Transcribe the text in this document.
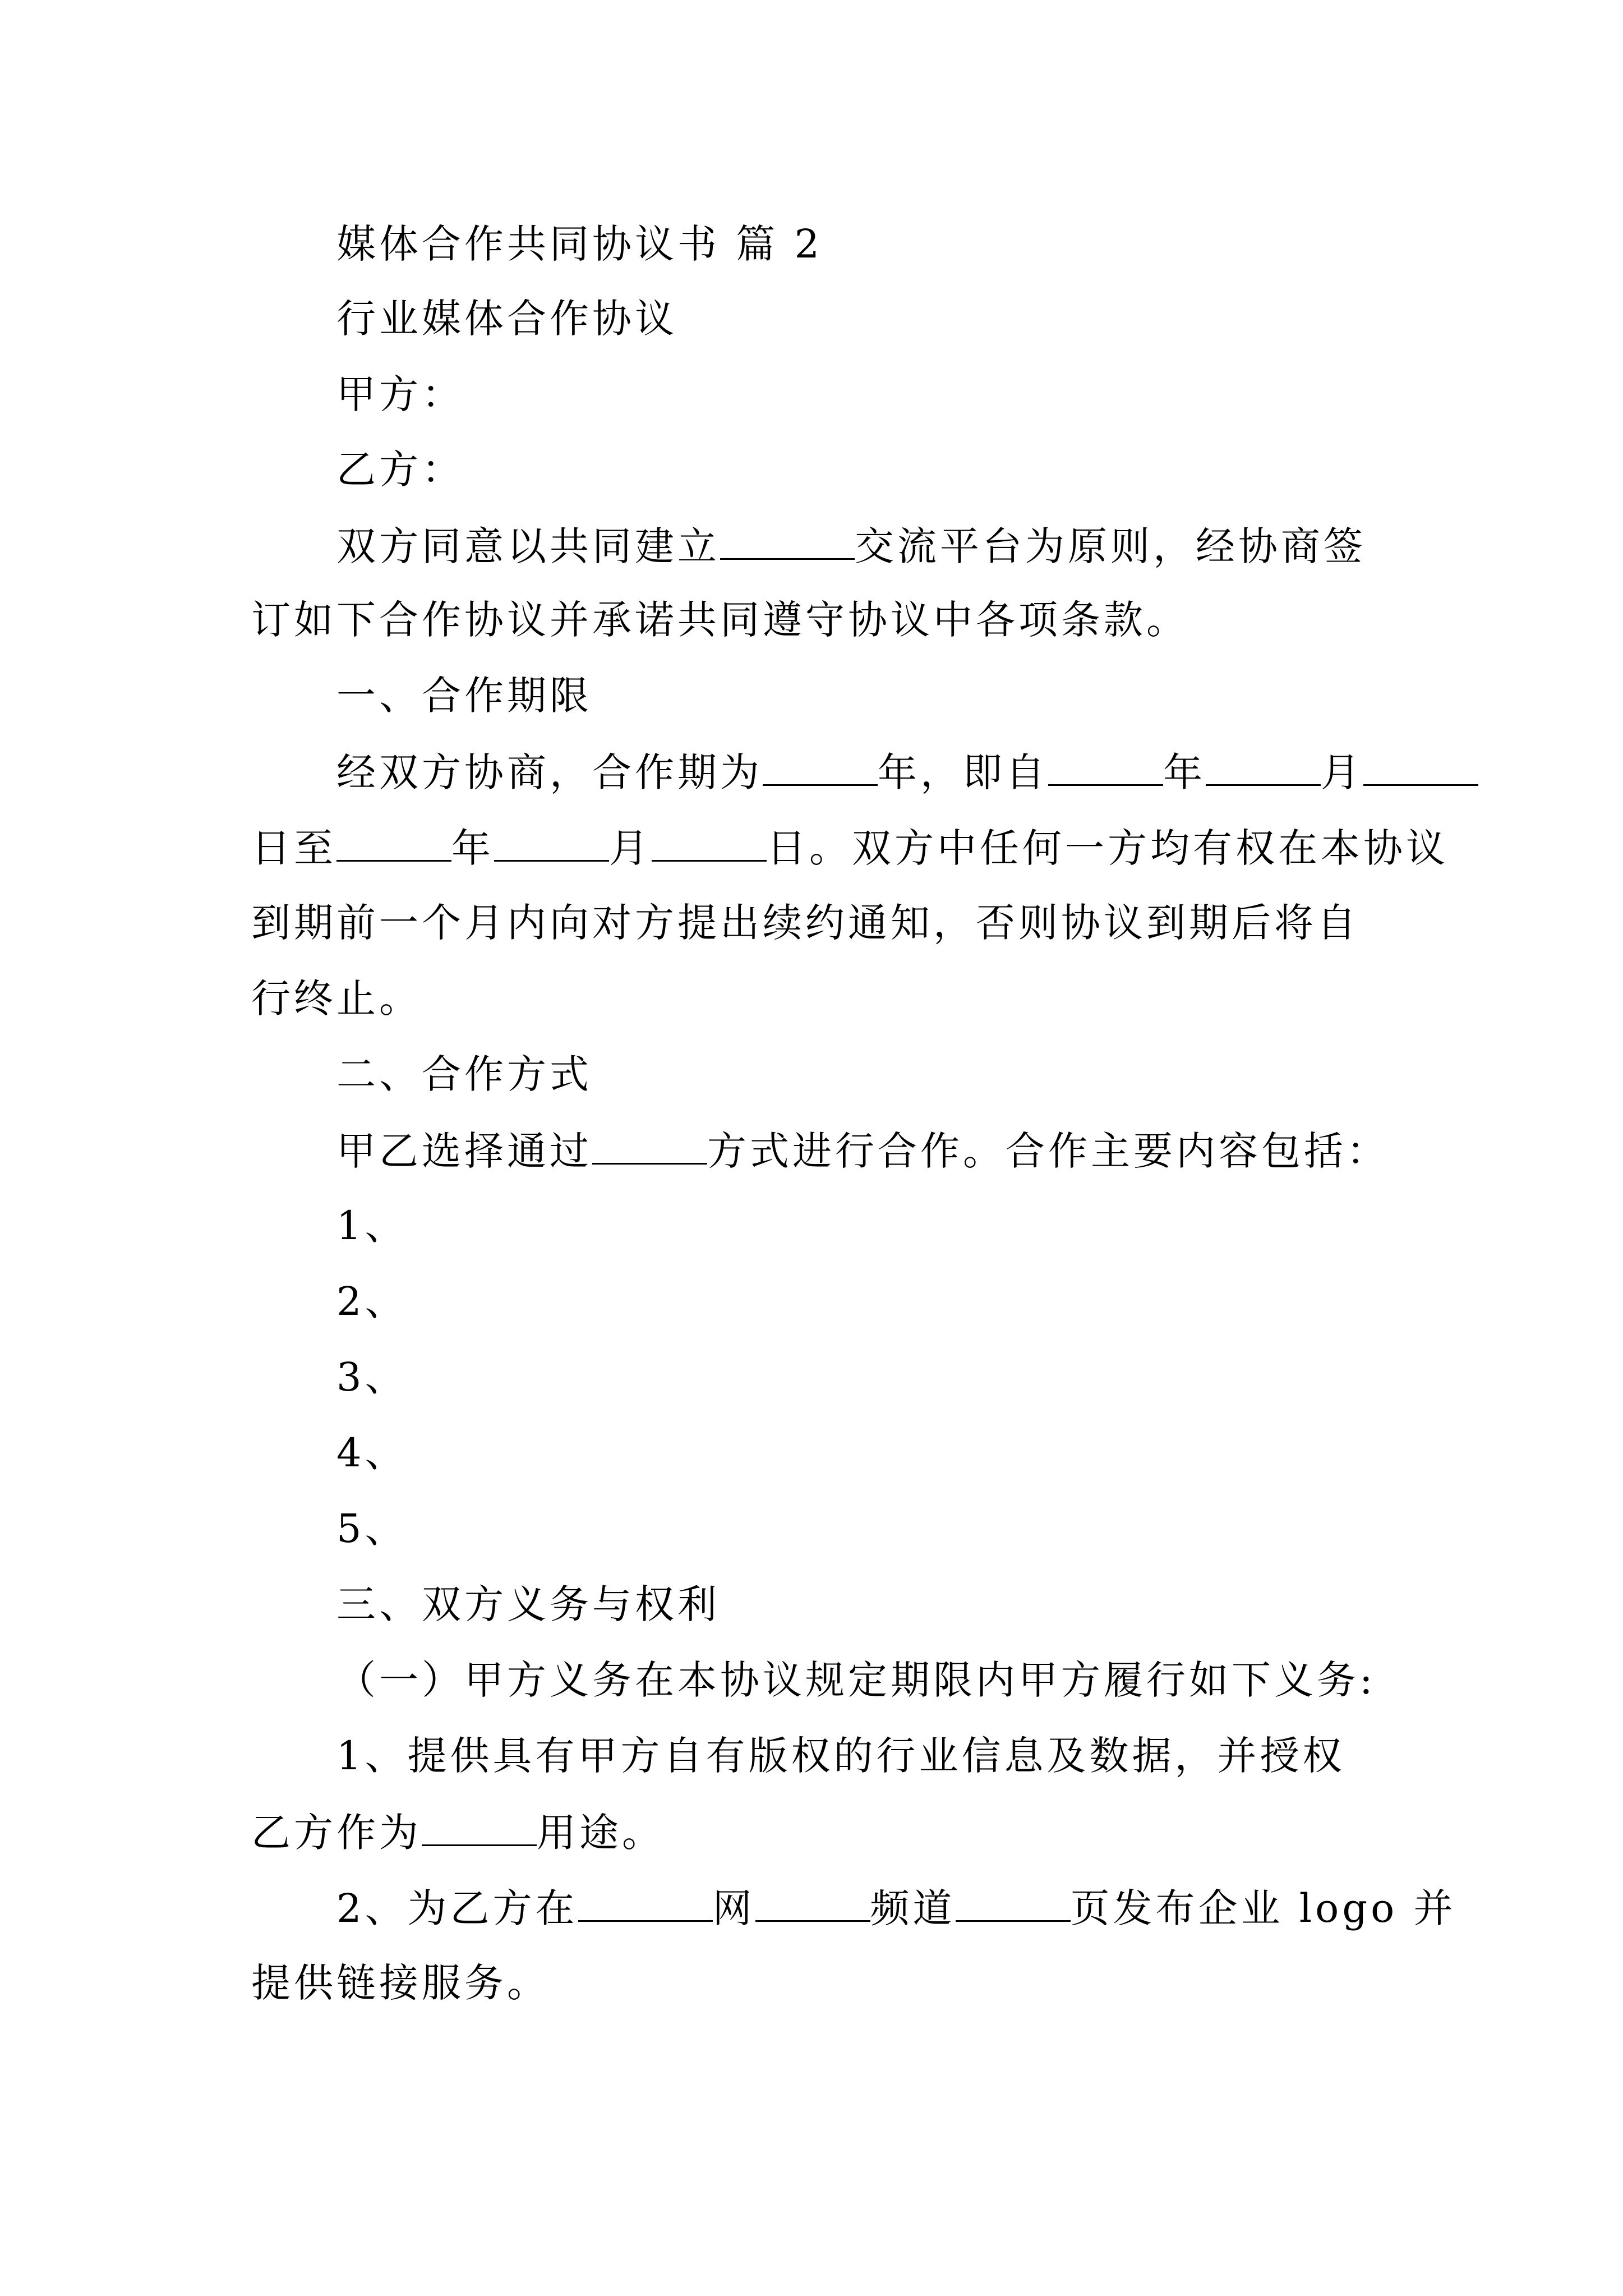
媒体合作共同协议书 篇 2
行业媒体合作协议
甲方：
乙方：
双方同意以共同建立	交流平台为原则，经协商签
订如下合作协议并承诺共同遵守协议中各项条款。
一、合作期限
经双方协商，合作期为	年，即自	年	月
日至	年	月	日。双方中任何一方均有权在本协议
到期前一个月内向对方提出续约通知，否则协议到期后将自
行终止。
二、合作方式
甲乙选择通过	方式进行合作。合作主要内容包括：
1、
2、
3、
4、
5、
三、双方义务与权利
（一）甲方义务在本协议规定期限内甲方履行如下义务:
1、提供具有甲方自有版权的行业信息及数据，并授权
乙方作为	用途。
2、为乙方在	网	频道	页发布企业 logo 并
提供链接服务。
